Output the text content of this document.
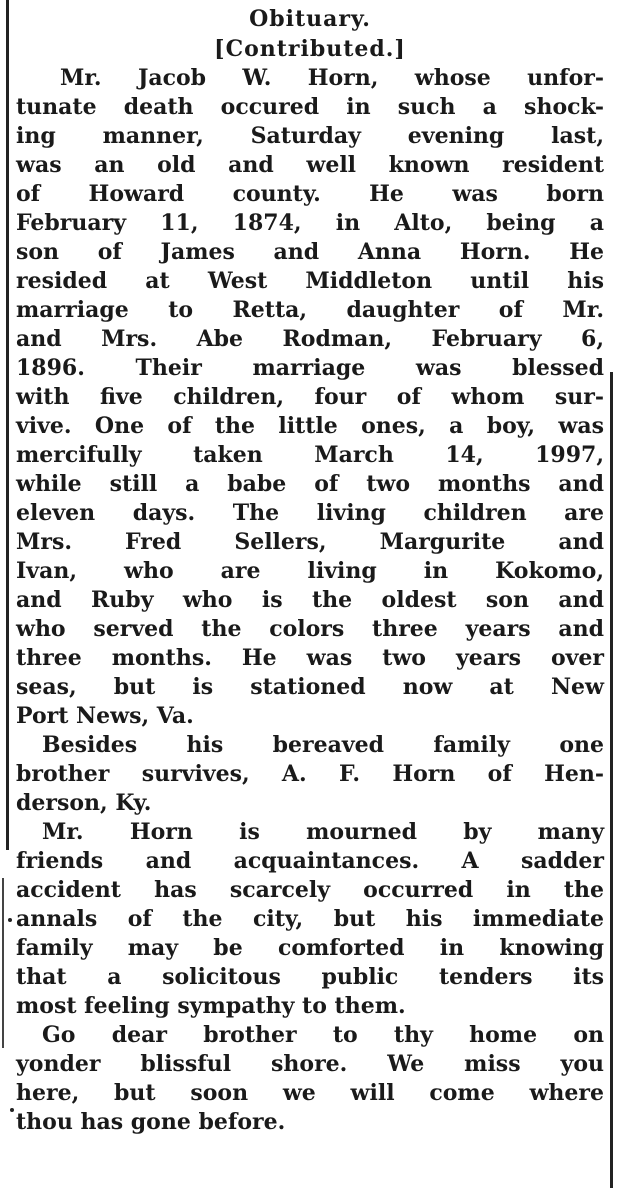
Obituary.
[Contributed.]
Mr. Jacob W. Horn, whose unfor-
tunate death occured in such a shock-
ing manner, Saturday evening last,
was an old and well known resident
of Howard county. He was born
February 11, 1874, in Alto, being a
son of James and Anna Horn. He
resided at West Middleton until his
marriage to Retta, daughter of Mr.
and Mrs. Abe Rodman, February 6,
1896. Their marriage was blessed
with five children, four of whom sur-
vive. One of the little ones, a boy, was
mercifully taken March 14, 1997,
while still a babe of two months and
eleven days. The living children are
Mrs. Fred Sellers, Margurite and
Ivan, who are living in Kokomo,
and Ruby who is the oldest son and
who served the colors three years and
three months. He was two years over
seas, but is stationed now at New
Port News, Va.
Besides his bereaved family one
brother survives, A. F. Horn of Hen-
derson, Ky.
Mr. Horn is mourned by many
friends and acquaintances. A sadder
accident has scarcely occurred in the
annals of the city, but his immediate
family may be comforted in knowing
that a solicitous public tenders its
most feeling sympathy to them.
Go dear brother to thy home on
yonder blissful shore. We miss you
here, but soon we will come where
thou has gone before.
